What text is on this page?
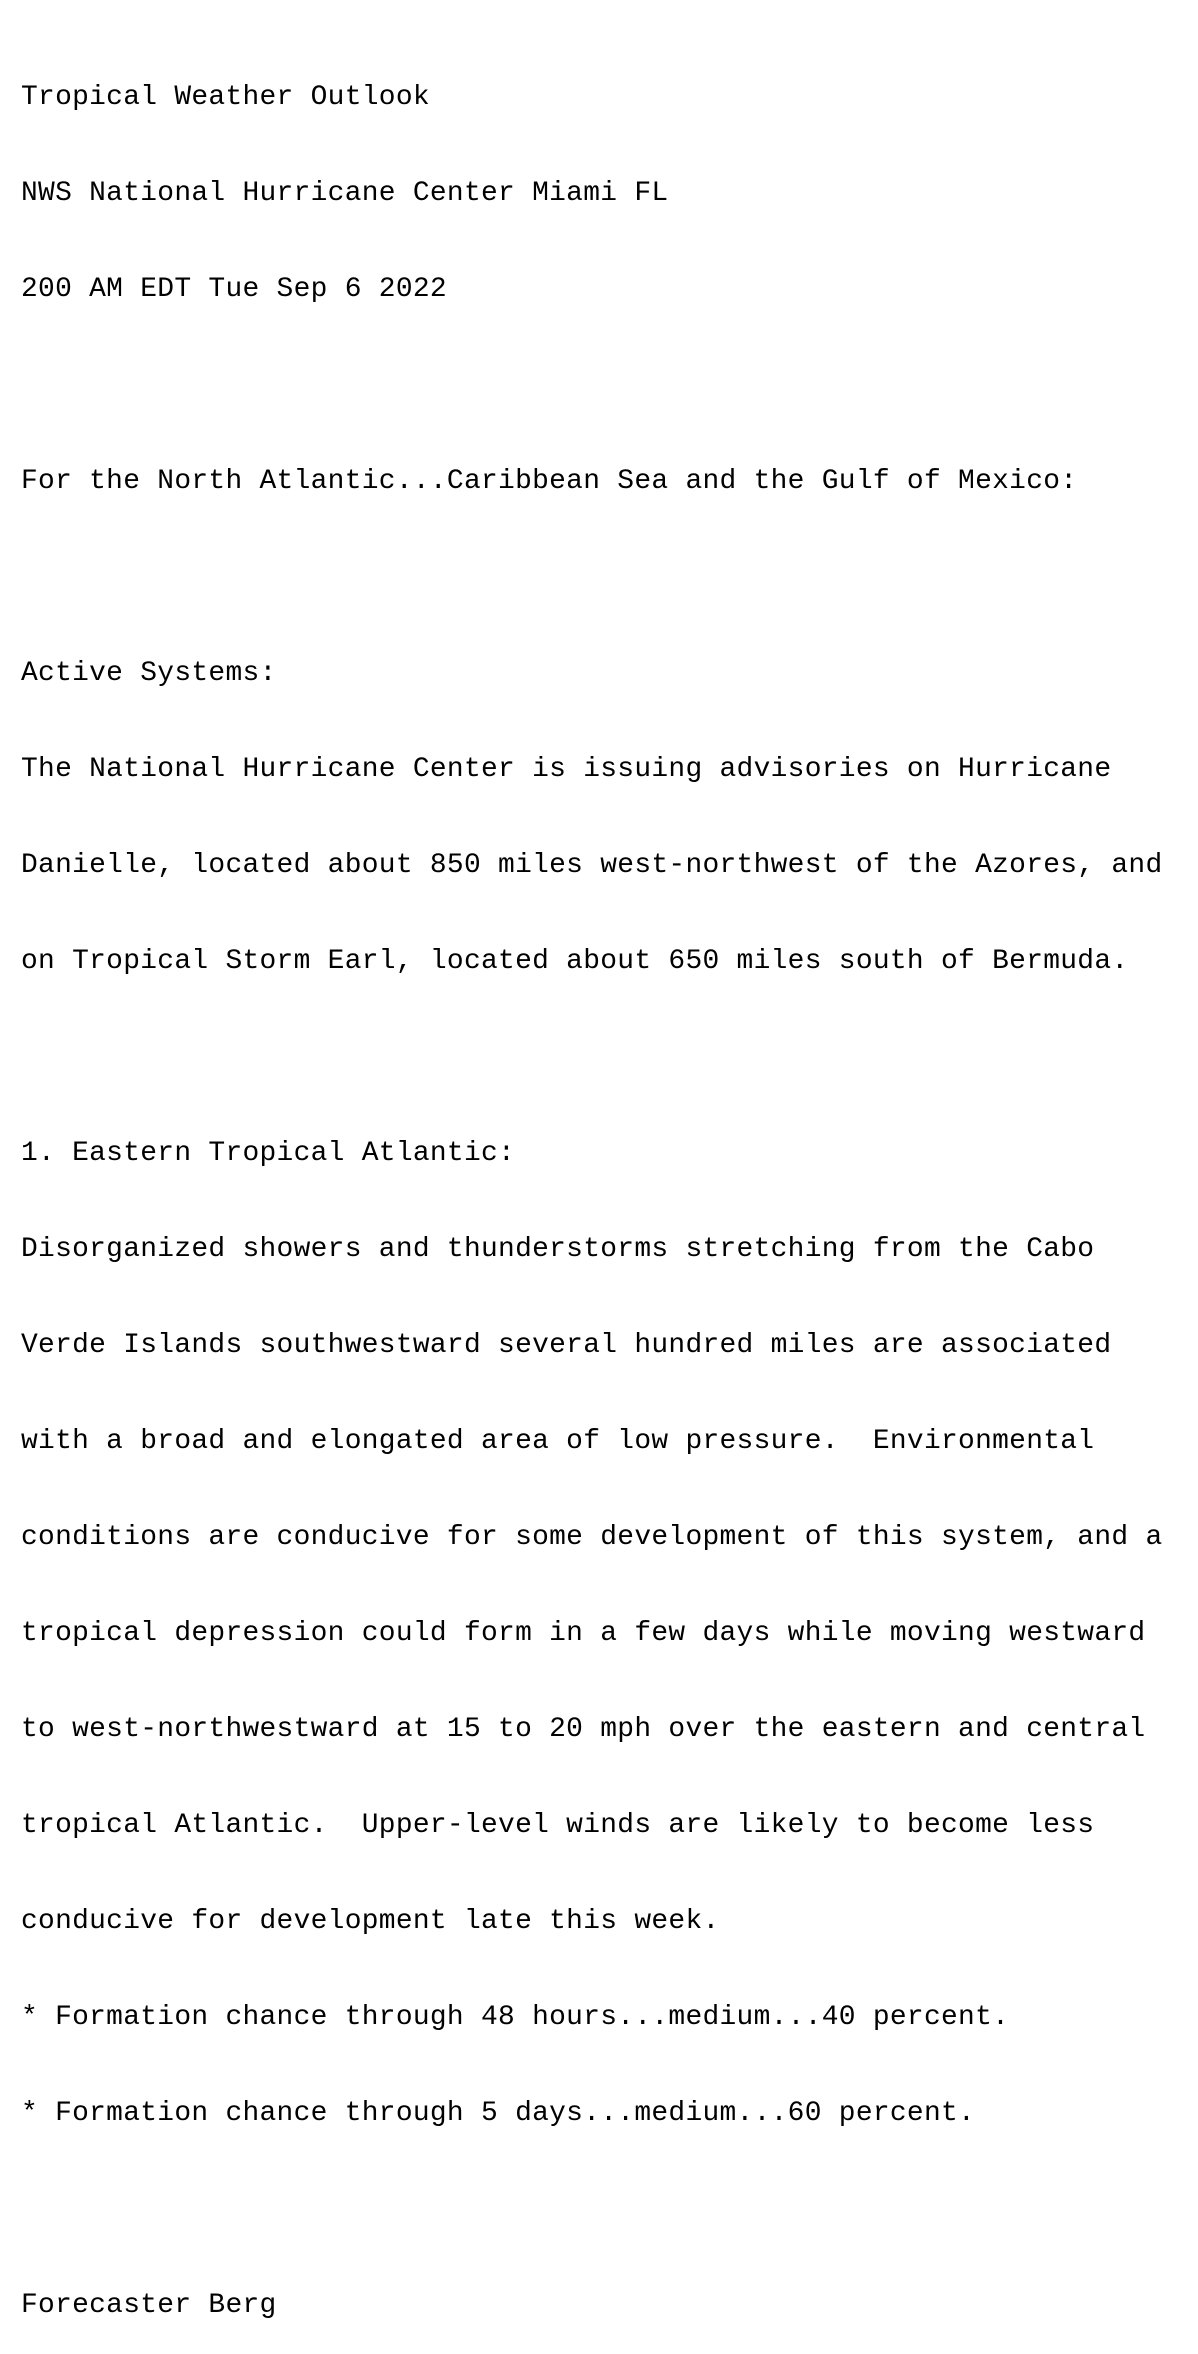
Tropical Weather Outlook

NWS National Hurricane Center Miami FL

200 AM EDT Tue Sep 6 2022

For the North Atlantic...Caribbean Sea and the Gulf of Mexico:

Active Systems:

The National Hurricane Center is issuing advisories on Hurricane

Danielle, located about 850 miles west-northwest of the Azores, and

on Tropical Storm Earl, located about 650 miles south of Bermuda.

1. Eastern Tropical Atlantic:

Disorganized showers and thunderstorms stretching from the Cabo

Verde Islands southwestward several hundred miles are associated

with a broad and elongated area of low pressure.  Environmental

conditions are conducive for some development of this system, and a

tropical depression could form in a few days while moving westward

to west-northwestward at 15 to 20 mph over the eastern and central

tropical Atlantic.  Upper-level winds are likely to become less

conducive for development late this week.

* Formation chance through 48 hours...medium...40 percent.

* Formation chance through 5 days...medium...60 percent.

Forecaster Berg
